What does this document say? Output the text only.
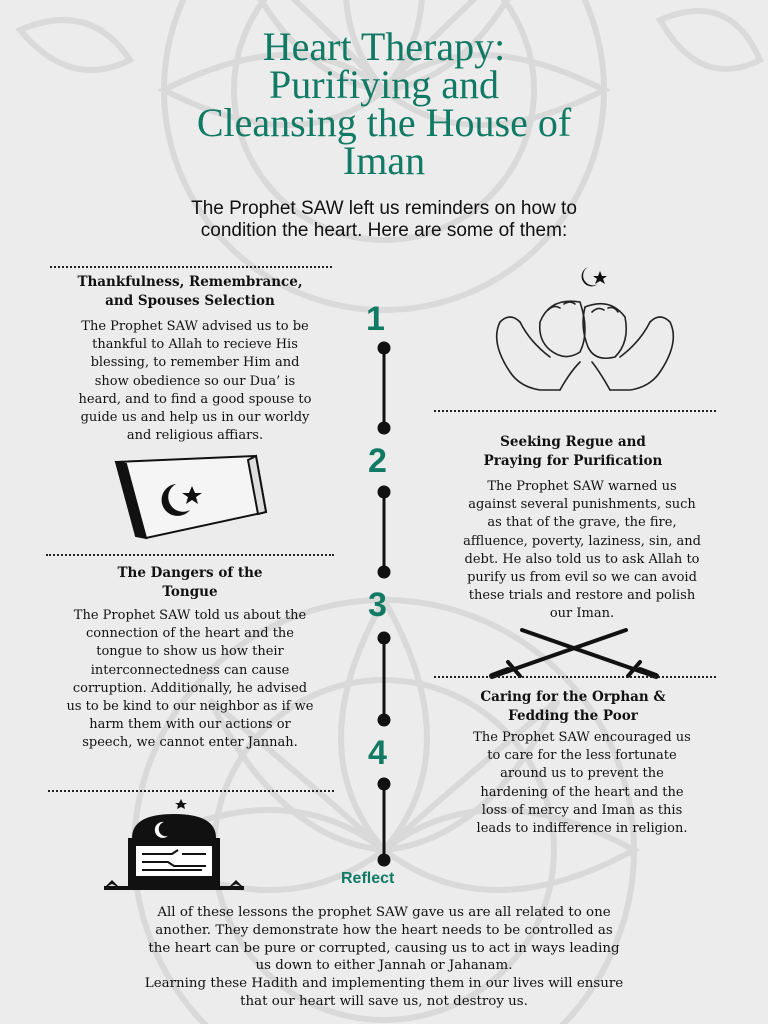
Heart Therapy:
Purifiying and
Cleansing the House of
Iman
The Prophet SAW left us reminders on how to
condition the heart. Here are some of them:
1
2
3
4
Thankfulness, Remembrance,
and Spouses Selection
The Prophet SAW advised us to be
thankful to Allah to recieve His
blessing, to remember Him and
show obedience so our Dua’ is
heard, and to find a good spouse to
guide us and help us in our worldy
and religious affiars.	Seeking Regue and
Praying for Purification
The Prophet SAW warned us
against several punishments, such
as that of the grave, the fire,
affluence, poverty, laziness, sin, and
debt. He also told us to ask Allah to
purify us from evil so we can avoid
these trials and restore and polish
our Iman.
The Dangers of the
Tongue
The Prophet SAW told us about the
connection of the heart and the
tongue to show us how their
interconnectedness can cause
corruption. Additionally, he advised
us to be kind to our neighbor as if we
harm them with our actions or
speech, we cannot enter Jannah.
Caring for the Orphan &
Fedding the Poor
The Prophet SAW encouraged us
to care for the less fortunate
around us to prevent the
hardening of the heart and the
loss of mercy and Iman as this
leads to indifference in religion.
Reflect
All of these lessons the prophet SAW gave us are all related to one
another. They demonstrate how the heart needs to be controlled as
the heart can be pure or corrupted, causing us to act in ways leading
us down to either Jannah or Jahanam.
Learning these Hadith and implementing them in our lives will ensure
that our heart will save us, not destroy us.
